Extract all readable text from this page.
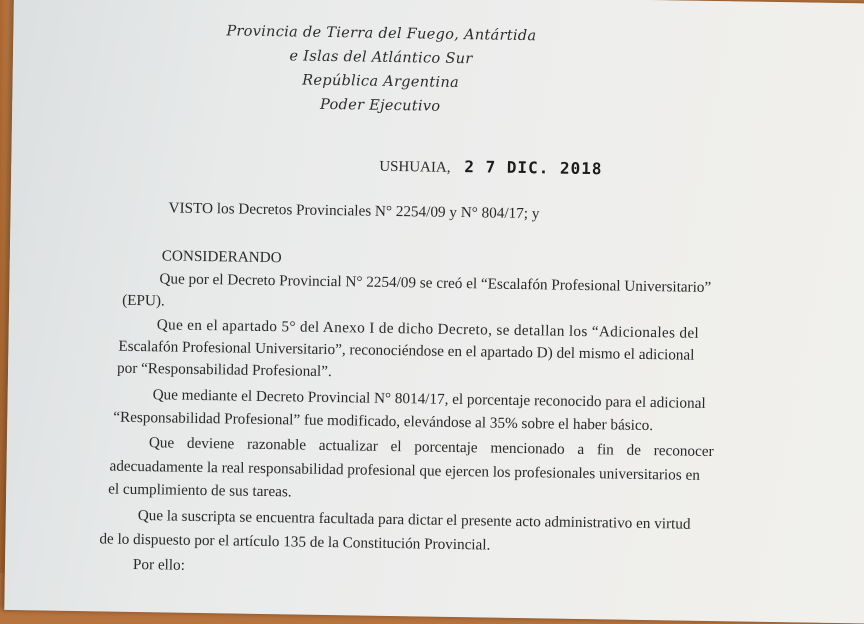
Provincia de Tierra del Fuego, Antártida
e Islas del Atlántico Sur
República Argentina
Poder Ejecutivo
USHUAIA, 2 7 DIC. 2018
VISTO los Decretos Provinciales N° 2254/09 y N° 804/17; y
CONSIDERANDO
Que por el Decreto Provincial N° 2254/09 se creó el “Escalafón Profesional Universitario”
(EPU).
Que en el apartado 5° del Anexo I de dicho Decreto, se detallan los “Adicionales del
Escalafón Profesional Universitario”, reconociéndose en el apartado D) del mismo el adicional
por “Responsabilidad Profesional”.
Que mediante el Decreto Provincial N° 8014/17, el porcentaje reconocido para el adicional
“Responsabilidad Profesional” fue modificado, elevándose al 35% sobre el haber básico.
Que deviene razonable actualizar el porcentaje mencionado a fin de reconocer
adecuadamente la real responsabilidad profesional que ejercen los profesionales universitarios en
el cumplimiento de sus tareas.
Que la suscripta se encuentra facultada para dictar el presente acto administrativo en virtud
de lo dispuesto por el artículo 135 de la Constitución Provincial.
Por ello:
